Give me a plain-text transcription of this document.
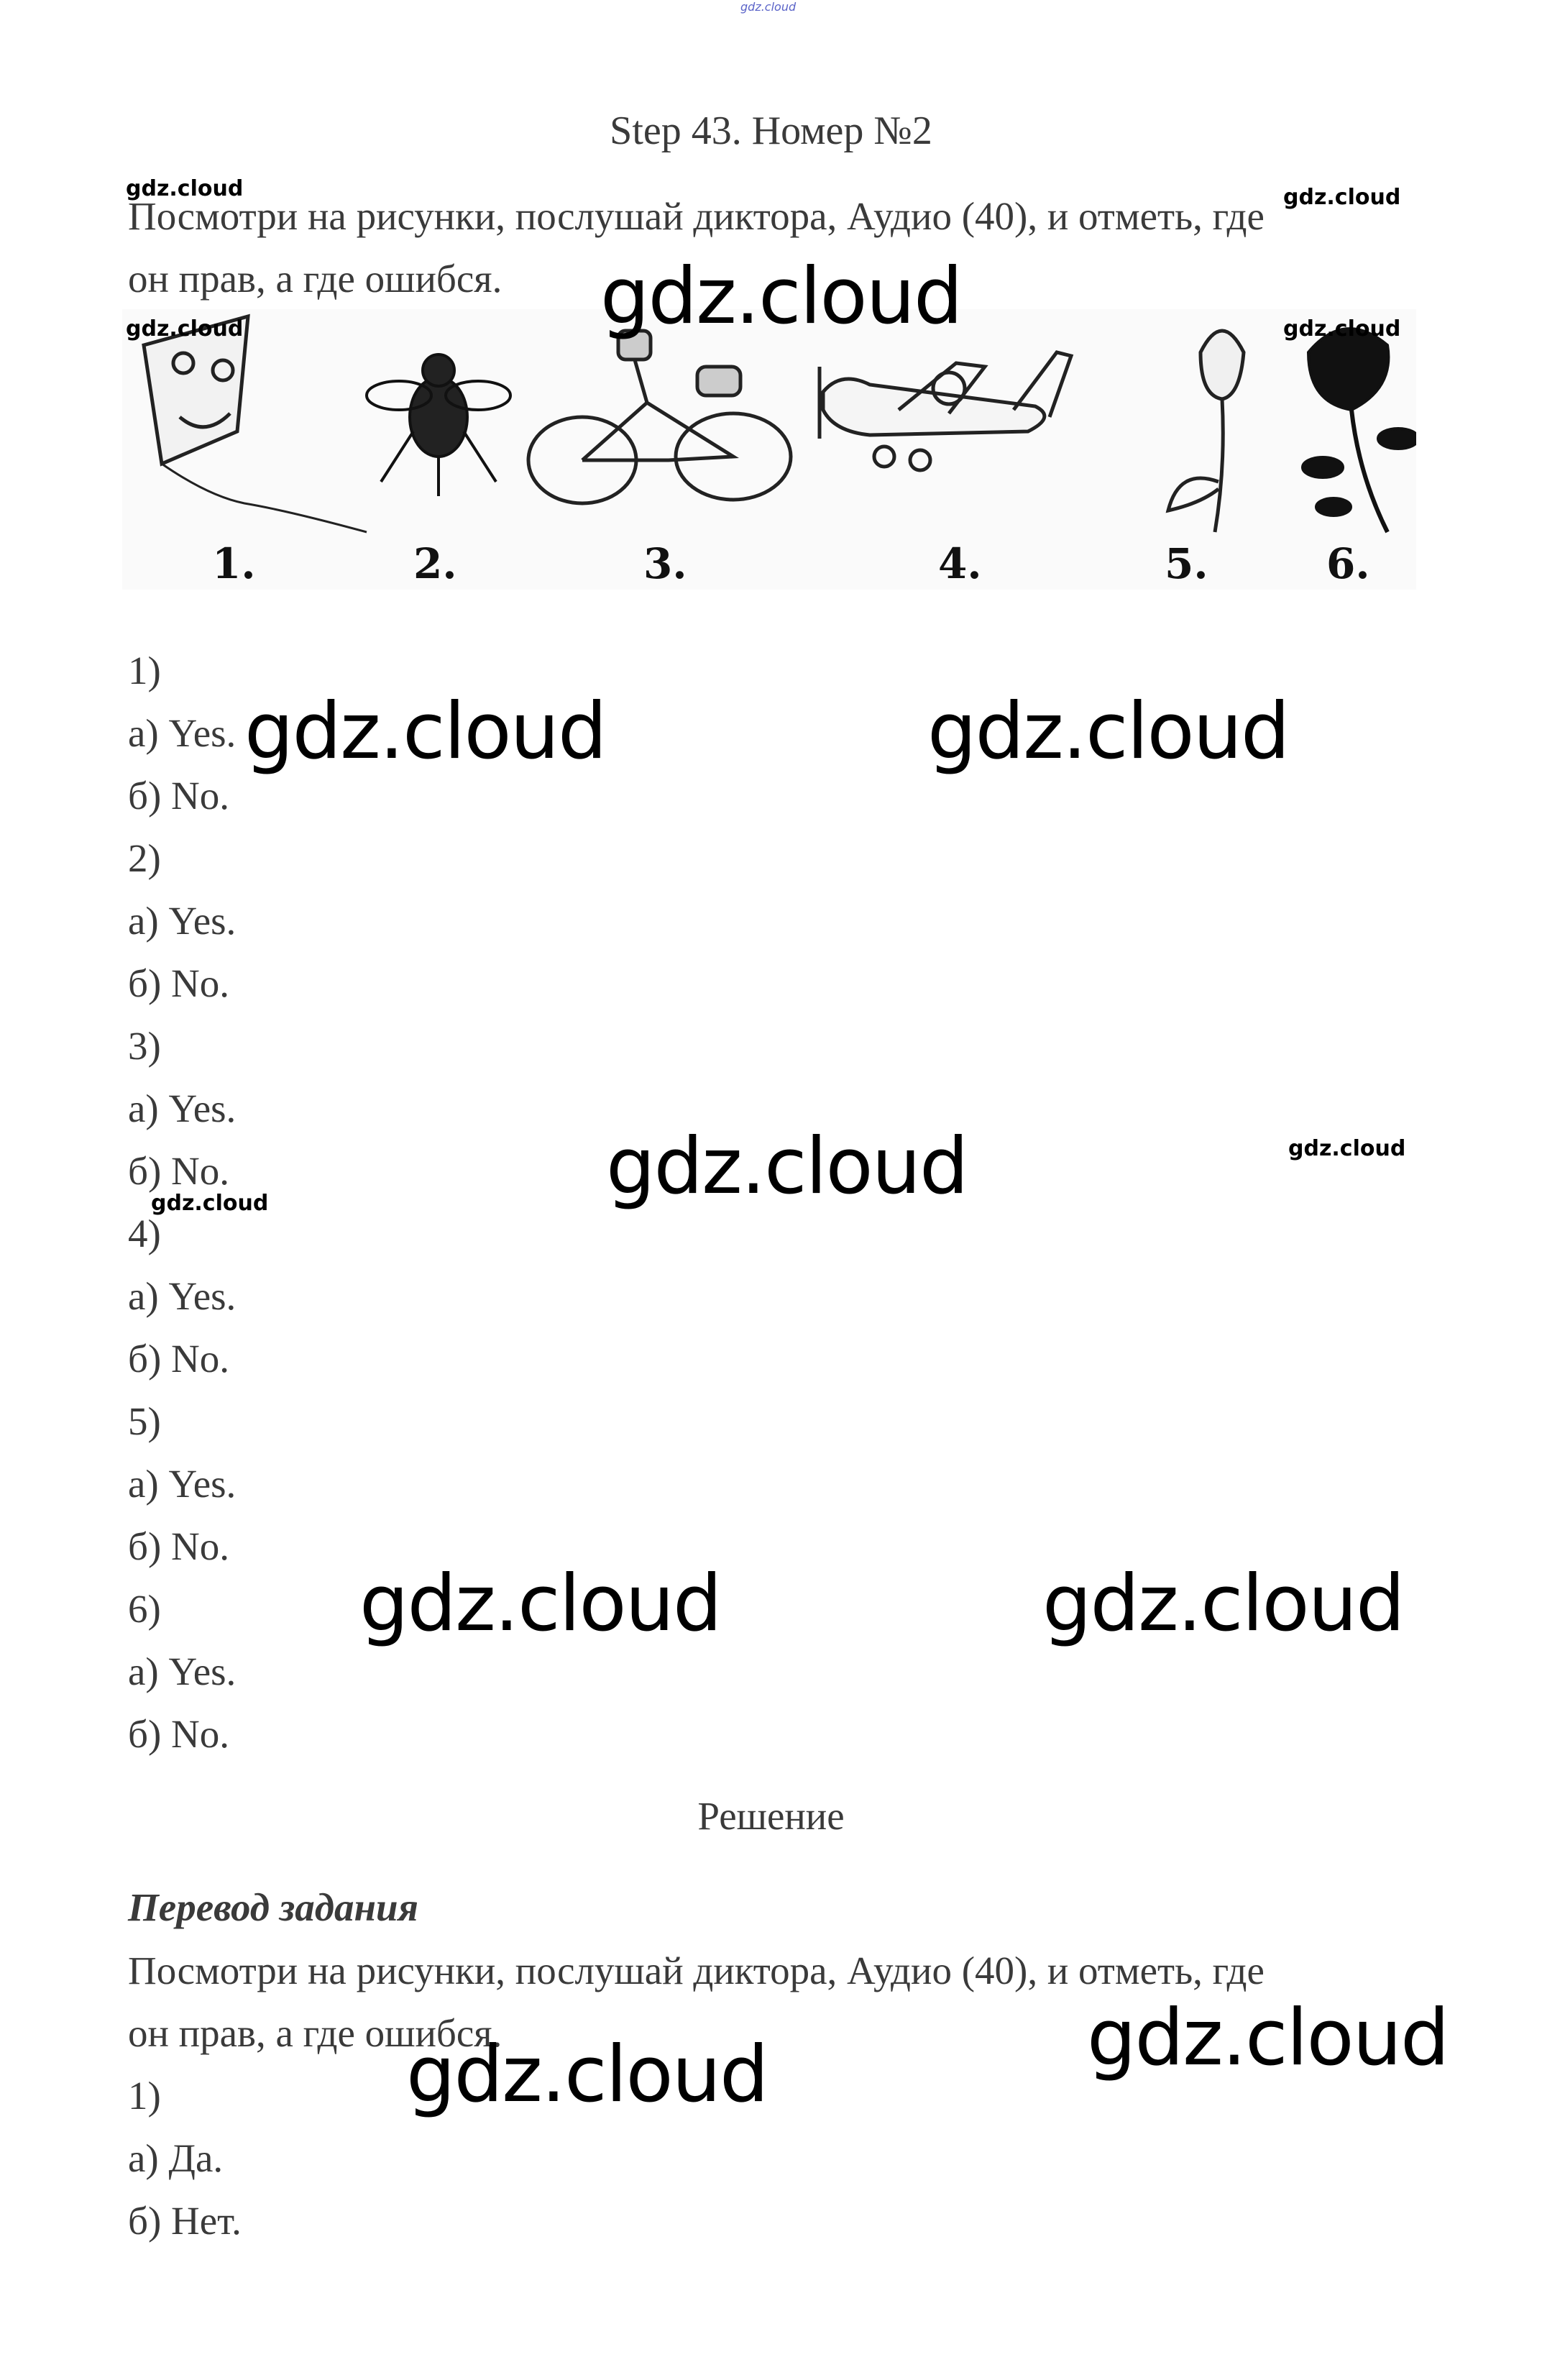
gdz.cloud
Step 43. Номер №2
Посмотри на рисунки, послушай диктора, Аудио (40), и отметь, где
он прав, а где ошибся.
1.	2.	3.	4.	5.	6.
1)
а) Yes.
б) No.
2)
а) Yes.
б) No.
3)
а) Yes.
б) No.
4)
а) Yes.
б) No.
5)
а) Yes.
б) No.
6)
а) Yes.
б) No.
Решение
Перевод задания
Посмотри на рисунки, послушай диктора, Аудио (40), и отметь, где
он прав, а где ошибся.
1)
а) Да.
б) Нет.
gdz.cloud	gdz.cloud
gdz.cloud	gdz.cloud
gdz.cloud
gdz.cloud
gdz.cloud
gdz.cloud	gdz.cloud
gdz.cloud
gdz.cloud	gdz.cloud
gdz.cloud
gdz.cloud
